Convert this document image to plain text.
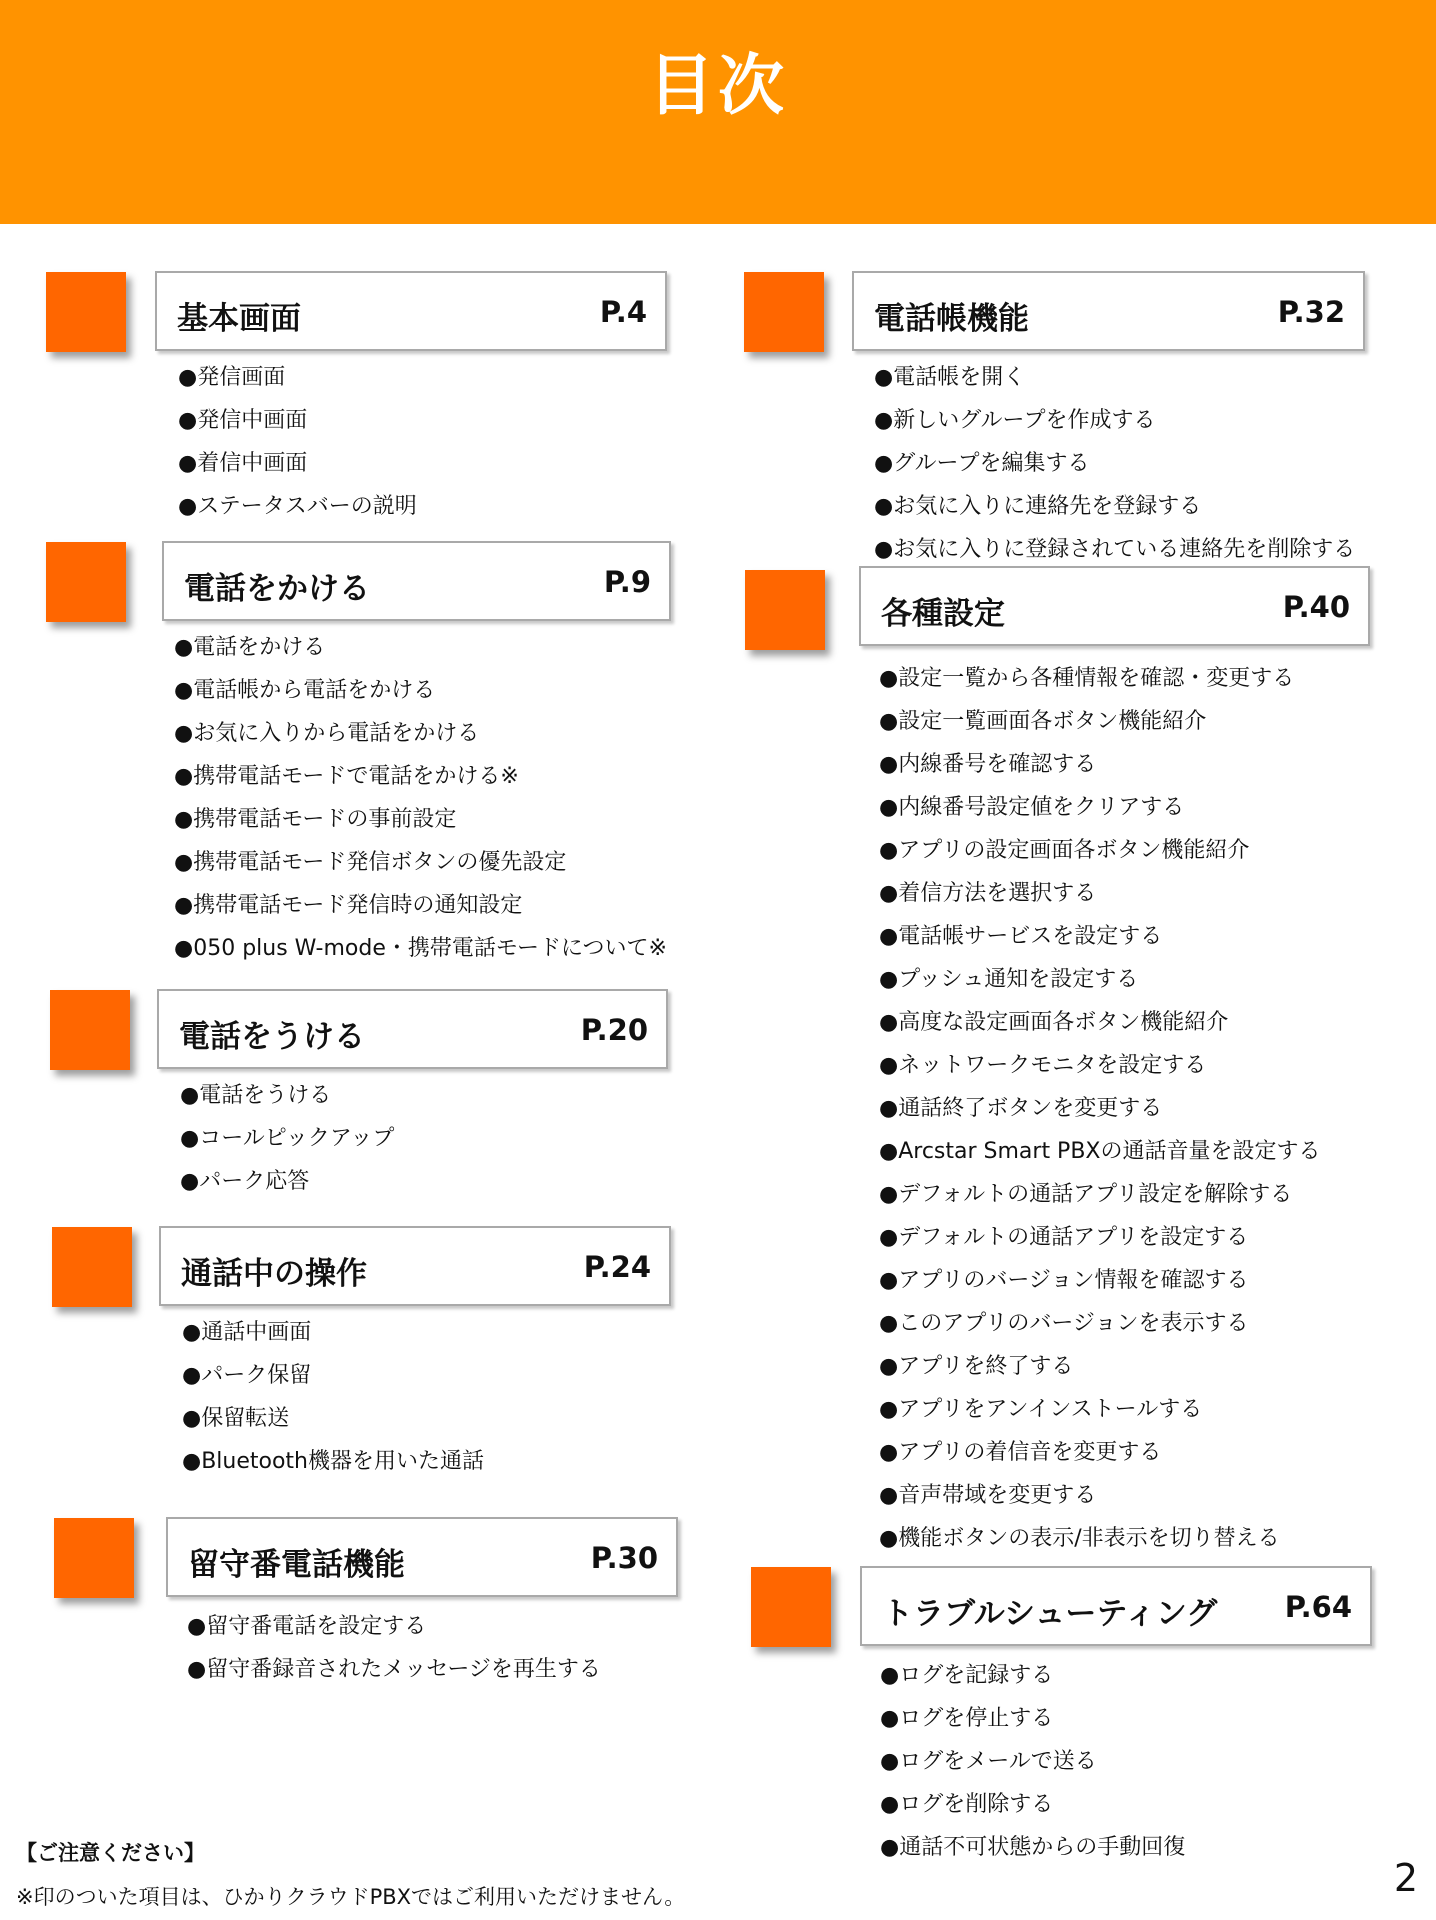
目次
基本画面	P.4
● 発信画面
● 発信中画面
● 着信中画面
● ステータスバーの説明
電話をかける	P.9
● 電話をかける
● 電話帳から電話をかける
● お気に入りから電話をかける
● 携帯電話モードで電話をかける※
● 携帯電話モードの事前設定
● 携帯電話モード発信ボタンの優先設定
● 携帯電話モード発信時の通知設定
● 050 plus W-mode・携帯電話モードについて※
電話をうける	P.20
● 電話をうける
● コールピックアップ
● パーク応答
通話中の操作	P.24
● 通話中画面
● パーク保留
● 保留転送
● Bluetooth機器を用いた通話
留守番電話機能	P.30
● 留守番電話を設定する
● 留守番録音されたメッセージを再生する
電話帳機能	P.32
● 電話帳を開く
● 新しいグループを作成する
● グループを編集する
● お気に入りに連絡先を登録する
● お気に入りに登録されている連絡先を削除する
各種設定	P.40
● 設定一覧から各種情報を確認・変更する
● 設定一覧画面各ボタン機能紹介
● 内線番号を確認する
● 内線番号設定値をクリアする
● アプリの設定画面各ボタン機能紹介
● 着信方法を選択する
● 電話帳サービスを設定する
● プッシュ通知を設定する
● 高度な設定画面各ボタン機能紹介
● ネットワークモニタを設定する
● 通話終了ボタンを変更する
● Arcstar Smart PBXの通話音量を設定する
● デフォルトの通話アプリ設定を解除する
● デフォルトの通話アプリを設定する
● アプリのバージョン情報を確認する
● このアプリのバージョンを表示する
● アプリを終了する
● アプリをアンインストールする
● アプリの着信音を変更する
● 音声帯域を変更する
● 機能ボタンの表示/非表示を切り替える
トラブルシューティング P.64
● ログを記録する
● ログを停止する
● ログをメールで送る
● ログを削除する
● 通話不可状態からの手動回復
【ご注意ください】
※印のついた項目は、ひかりクラウドPBXではご利用いただけません。	2
